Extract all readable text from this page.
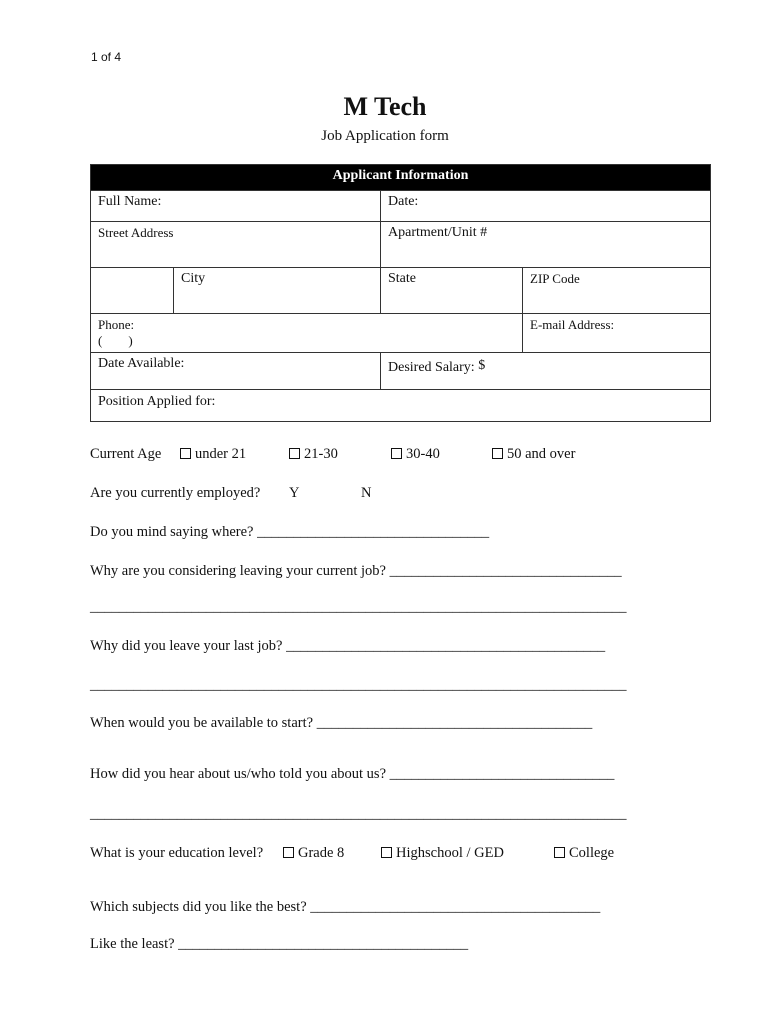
1 of 4
M Tech
Job Application form
Applicant Information			
Full Name:		Date:	
Street Address		Apartment/Unit #	
	City	State	ZIP Code

Phone:
(        )			E-mail Address:
Date Available:		Desired Salary: $	
Position Applied for:			
Current Age	under 21	21-30	30-40	50 and over
Are you currently employed? Y	N
Do you mind saying where? ________________________________
Why are you considering leaving your current job? ________________________________
__________________________________________________________________________
Why did you leave your last job? ____________________________________________
__________________________________________________________________________
When would you be available to start? ______________________________________
How did you hear about us/who told you about us? _______________________________
__________________________________________________________________________
What is your education level?	Grade 8	Highschool / GED	College
Which subjects did you like the best? ________________________________________
Like the least? ________________________________________
